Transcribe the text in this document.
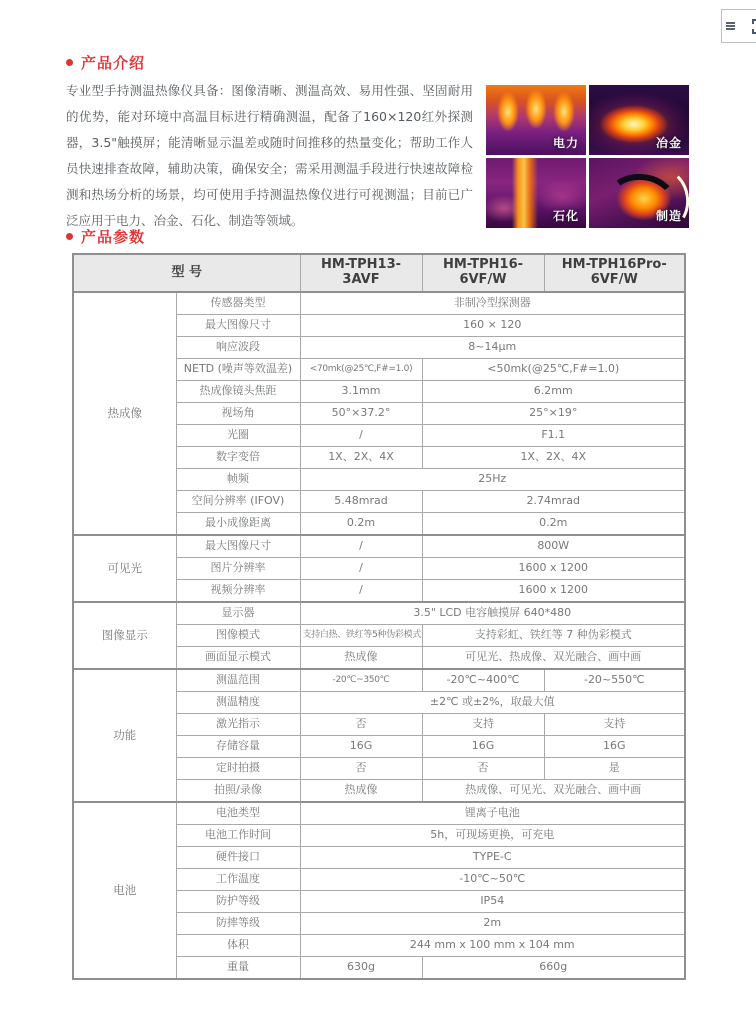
产品介绍

专业型手持测温热像仪具备：图像清晰、测温高效、易用性强、坚固耐用的优势，能对环境中高温目标进行精确测温，配备了160×120红外探测器，3.5"触摸屏；能清晰显示温差或随时间推移的热量变化；帮助工作人员快速排查故障，辅助决策，确保安全；需采用测温手段进行快速故障检测和热场分析的场景，均可使用手持测温热像仪进行可视测温；目前已广泛应用于电力、冶金、石化、制造等领域。

电力	冶金
石化	制造
产品参数
型 号		HM-TPH13-3AVF	HM-TPH16-6VF/W	HM-TPH16Pro-6VF/W
热成像	传感器类型	非制冷型探测器		
	最大图像尺寸	160 × 120		
	响应波段	8~14μm		
	NETD (噪声等效温差)	<70mk(@25℃,F#=1.0)	<50mk(@25℃,F#=1.0)	
	热成像镜头焦距	3.1mm	6.2mm	
	视场角	50°×37.2°	25°×19°	
	光圈	/	F1.1	
	数字变倍	1X、2X、4X	1X、2X、4X	
	帧频	25Hz		
	空间分辨率 (IFOV)	5.48mrad	2.74mrad	
	最小成像距离	0.2m	0.2m	
可见光	最大图像尺寸	/	800W	
	图片分辨率	/	1600 x 1200	
	视频分辨率	/	1600 x 1200	
图像显示	显示器	3.5" LCD 电容触摸屏 640*480		
	图像模式	支持白热、铁红等5种伪彩模式	支持彩虹、铁红等 7 种伪彩模式	
	画面显示模式	热成像	可见光、热成像、双光融合、画中画	
功能	测温范围	-20℃~350℃	-20℃~400℃	-20~550℃
	测温精度	±2℃ 或±2%，取最大值		
	激光指示	否	支持	支持
	存储容量	16G	16G	16G
	定时拍摄	否	否	是
	拍照/录像	热成像	热成像、可见光、双光融合、画中画	
电池	电池类型	锂离子电池		
	电池工作时间	5h，可现场更换，可充电		
	硬件接口	TYPE-C		
	工作温度	-10℃~50℃		
	防护等级	IP54		
	防摔等级	2m		
	体积	244 mm x 100 mm x 104 mm		
	重量	630g	660g	
